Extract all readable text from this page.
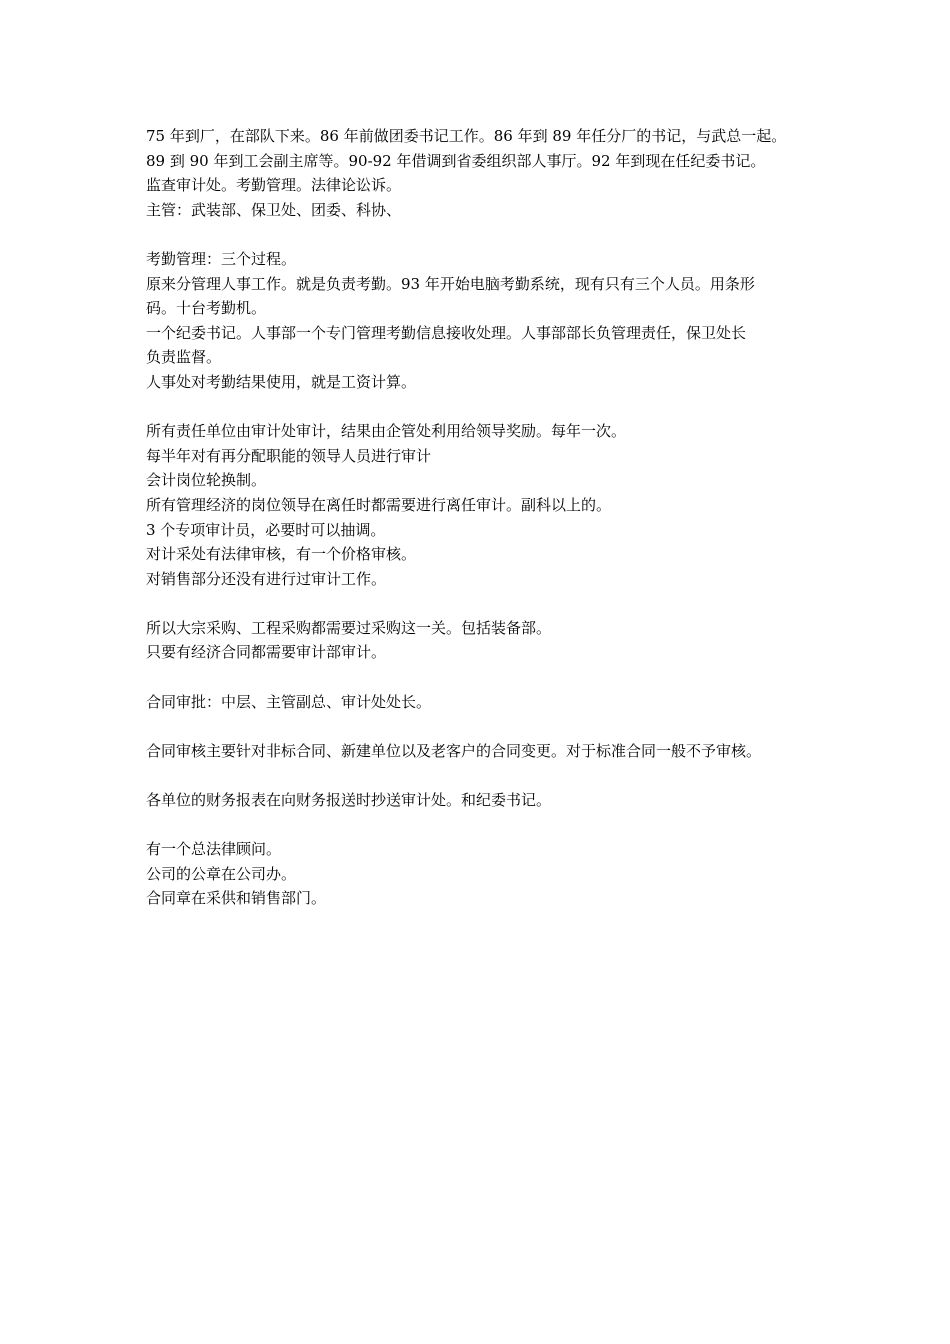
75 年到厂，在部队下来。86 年前做团委书记工作。86 年到 89 年任分厂的书记，与武总一起。
89 到 90 年到工会副主席等。90-92 年借调到省委组织部人事厅。92 年到现在任纪委书记。
监查审计处。考勤管理。法律论讼诉。
主管：武装部、保卫处、团委、科协、
考勤管理：三个过程。
原来分管理人事工作。就是负责考勤。93 年开始电脑考勤系统，现有只有三个人员。用条形
码。十台考勤机。
一个纪委书记。人事部一个专门管理考勤信息接收处理。人事部部长负管理责任，保卫处长
负责监督。
人事处对考勤结果使用，就是工资计算。
所有责任单位由审计处审计，结果由企管处利用给领导奖励。每年一次。
每半年对有再分配职能的领导人员进行审计
会计岗位轮换制。
所有管理经济的岗位领导在离任时都需要进行离任审计。副科以上的。
3 个专项审计员，必要时可以抽调。
对计采处有法律审核，有一个价格审核。
对销售部分还没有进行过审计工作。
所以大宗采购、工程采购都需要过采购这一关。包括装备部。
只要有经济合同都需要审计部审计。
合同审批：中层、主管副总、审计处处长。
合同审核主要针对非标合同、新建单位以及老客户的合同变更。对于标准合同一般不予审核。
各单位的财务报表在向财务报送时抄送审计处。和纪委书记。
有一个总法律顾问。
公司的公章在公司办。
合同章在采供和销售部门。
